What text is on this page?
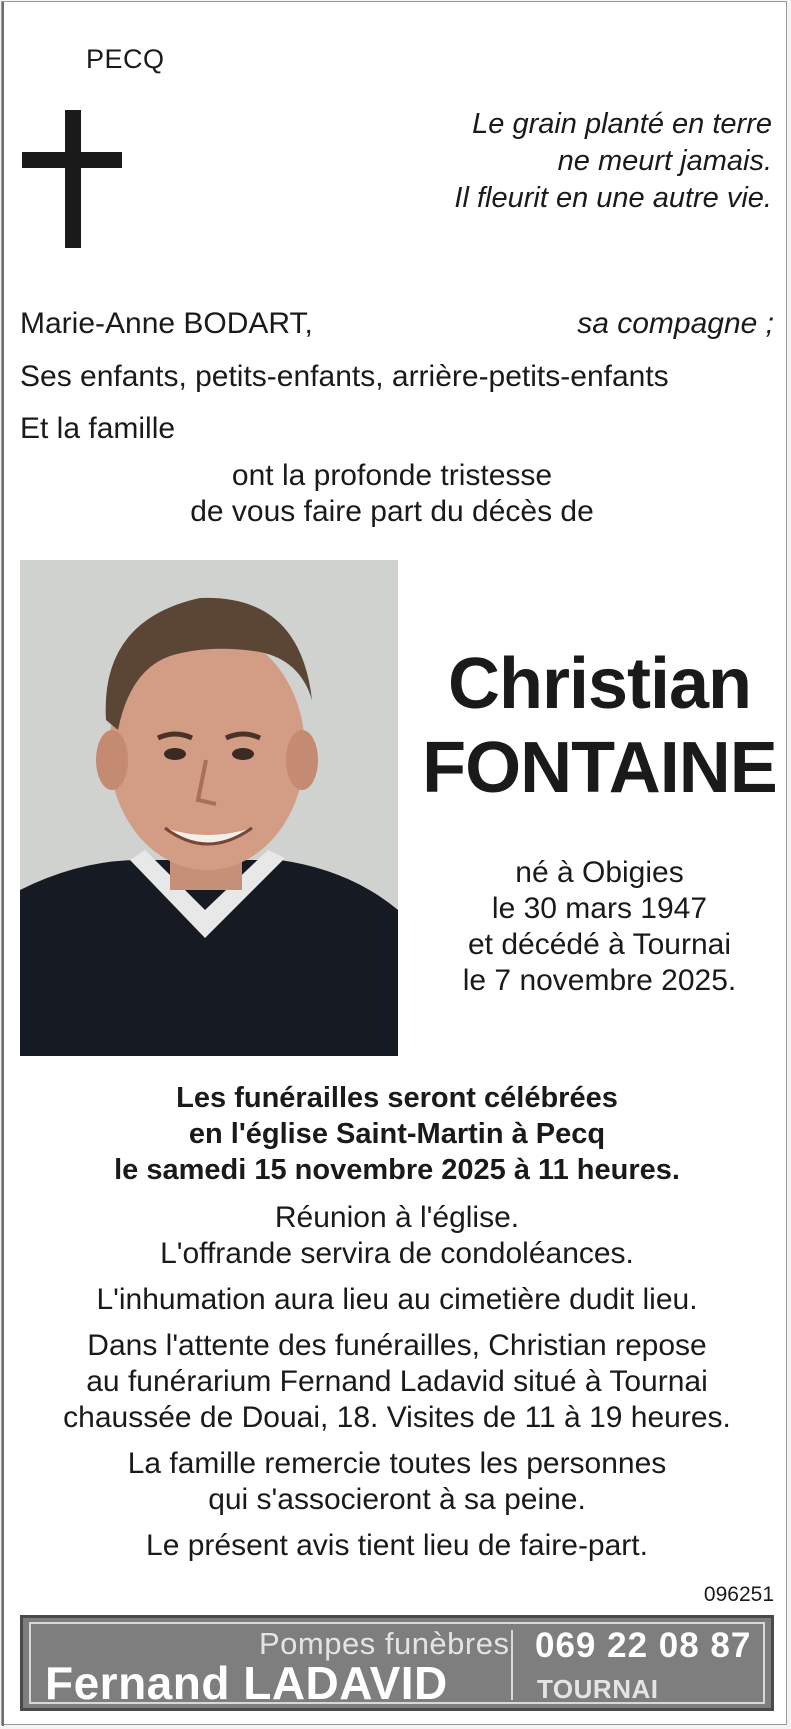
PECQ
Le grain planté en terre
ne meurt jamais.
Il fleurit en une autre vie.
Marie-Anne BODART,	sa compagne ;
Ses enfants, petits-enfants, arrière-petits-enfants
Et la famille
ont la profonde tristesse
de vous faire part du décès de
Christian
FONTAINE
né à Obigies
le 30 mars 1947
et décédé à Tournai
le 7 novembre 2025.
Les funérailles seront célébrées
en l'église Saint-Martin à Pecq
le samedi 15 novembre 2025 à 11 heures.
Réunion à l'église.
L'offrande servira de condoléances.
L'inhumation aura lieu au cimetière dudit lieu.
Dans l'attente des funérailles, Christian repose
au funérarium Fernand Ladavid situé à Tournai
chaussée de Douai, 18. Visites de 11 à 19 heures.
La famille remercie toutes les personnes
qui s'associeront à sa peine.
Le présent avis tient lieu de faire-part.
096251
Pompes funèbres
Fernand LADAVID
069 22 08 87
TOURNAI
